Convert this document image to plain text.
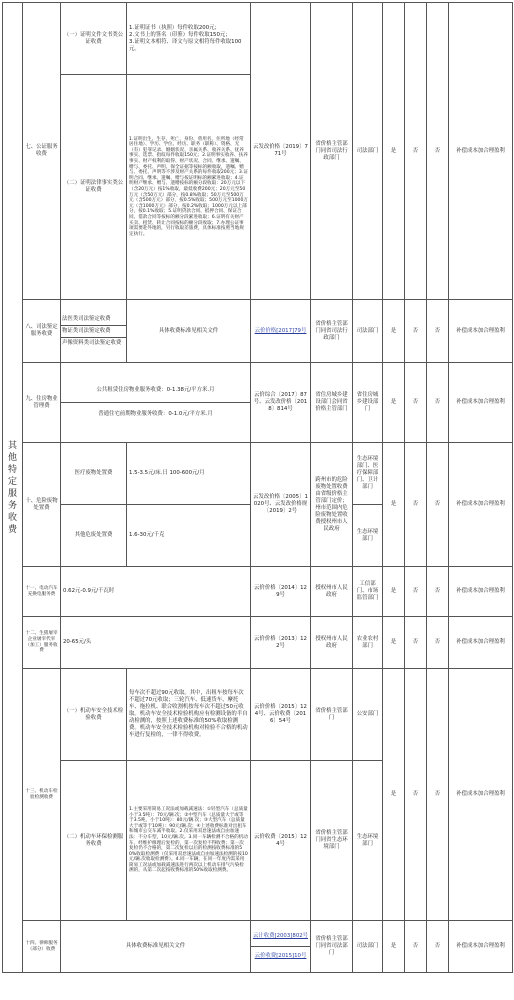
其他特定服务收费	七、公证服务收费	（一）证明文件文书类公证收费	1.证明证书（执照）每件收取200元；
2.文书上的签名（印鉴）每件收取150元；
3.证明文本相符、译文与原文相符每件收取100元。	云发改价格〔2019〕771号	省价格主管部门同省司法行政部门	司法部门	是	否	否	补偿成本加合理盈利
		（二）证明法律事实类公证收费	1.证明出生、生存、死亡、身份、曾用名、住所地（经常居住地）、学历、学位、经历、职务（职称）、资格、无（有）犯罪记录、婚姻状况、亲属关系、收养关系、抚养事实、选票、指纹每件收取150元；2.证明事实收养、扶养事实、财产权利的取得、财产状况、合同、继承、遗嘱、赠与、委托、声明、保全证据等按标的额收取，遗嘱、赠与、委托、声明等不涉及财产关系的每件收取200元；3.证明合同、继承、遗嘱、赠与按证明标的额累进收取；4.证明财产继承、赠与、遗赠按标的额分段收取：20万元以下（含20万元）按1%收取，最低收费200元；20万元至50万元（含50万元）部分，按0.8%收取；50万元至500万元（含500万元）部分，按0.5%收取；500万元至1000万元（含1000万元）部分，按0.2%收取；1000万元以上部分，按0.1%收取；5.证明贷款合同、抵押合同、保证合同、借款合同等按标的额分段累进收取；6.证明有关财产买卖、租赁、转让合同按标的额分段收取；7.办理公证事项需要赴外地的，另行收取差旅费，具体标准按照当地规定执行。							
	八、司法鉴定服务收费	法医类司法鉴定收费
物证类司法鉴定收费
声像资料类司法鉴定收费	具体收费标准见相关文件	云价价格[2017]79号	省价格主管部门同省司法行政部门	司法部门	是	否	否	补偿成本加合理盈利
	九、住房物业管理费	公共租赁住房物业服务收费：0-1.38元/平方米.月
普通住宅前期物业服务收费：0-1.0元/平方米.月		云价综合〔2017〕87号、云发改价格〔2018〕814号	省住房城乡建设部门会同省价格主管部门	省住房城乡建设部门	是	否	否	补偿成本加合理盈利
	十、危险废物处置费	医疗废物处置费	1.5-3.5元/床.日 100-600元/月	云发改价格〔2005〕1020号、云发改价格规〔2019〕2号	跨州市的危险废物处置收费由省级价格主管部门定价；州市范围内危险废物处置收费授权州市人民政府	生态环境部门、医疗保障部门、卫计部门	是	否	否	补偿成本加合理盈利
		其他危废处置费	1.6-30元/千克			生态环境部门				
	十一、电动汽车充换电服务费	0.62元-0.9元/千瓦时		云价价格〔2014〕129号	授权州市人民政府	工信部门、市场监管部门	是	否	否	补偿成本加合理盈利
	十二、生猪屠宰企业屠宰代宰（加工）服务收费	20-65元/头		云价价格〔2013〕122号	授权州市人民政府	农业农村部门	是	否	否	补偿成本加合理盈利
	十三、机动车检验检测收费	（一）机动车安全技术检验收费	每车次不超过90元收取。其中，出租车按每车次不超过70元收取；三轮汽车、低速货车、摩托车、拖拉机、联合收割机按每车次不超过50元收取。机动车安全技术检验机构应有检测设备的半自动检测的，按照上述收费标准的50%收取检测费。机动车安全技术检验机构对检验不合格的机动车进行复检的，一律不得收费。	云价价格〔2015〕124号、云价收费〔2016〕54号	省价格主管部门	公安部门	是	否	否	补偿成本加合理盈利
		（二）机动车环保检测服务收费	1.主要采用简易工况法或加载减速法：①轻型汽车（总质量小于3.5吨）：70元/辆.次；②中型汽车（总质量大于或等于3.5吨，小于10吨）：80元/辆.次；③大型汽车（总质量大于或等于10吨）：90元/辆.次；④上述收费标准对出租车和城市公交车减半收取。2.仅采用双怠速法或自由加速法：不分车型，10元/辆.次。3.同一车辆检测不合格的机动车，经维护修理后复检的，第一次复检不得收费；第一次复检仍不合格的，第二次复检以后的检测按收费标准的50%收取检测费（仅采用双怠速法或自由加速法检测的按10元/辆.次收取检测费）。4.同一车辆，在同一年度内需采用简易工况法或加载减速法进行两次以上机动车排气污染检测的，从第二次起按收费标准的50%收取检测费。	云价收费〔2015〕124号	省价格主管部门同省生态环境部门	生态环境部门				
	十四、律师服务（部分）收费	具体收费标准见相关文件		云计收费[2003]802号
云价收费[2015]10号	省价格主管部门同省司法部门	司法部门	是	否	否	补偿成本加合理盈利
